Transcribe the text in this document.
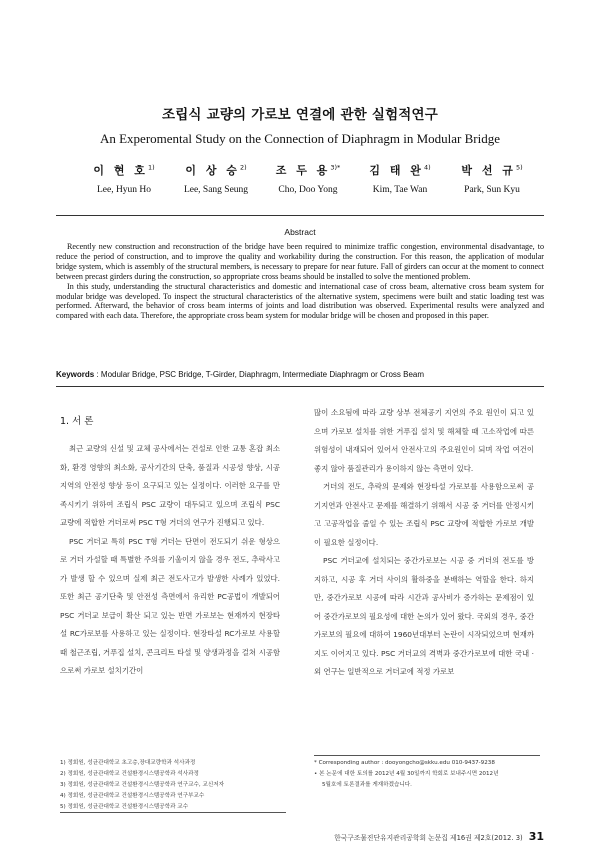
조립식 교량의 가로보 연결에 관한 실험적연구
An Experomental Study on the Connection of Diaphragm in Modular Bridge
이 현 호$^{1)}$
Lee, Hyun Ho
이 상 승$^{2)}$
Lee, Sang Seung
조 두 용$^{3)*}$
Cho, Doo Yong
김 태 완$^{4)}$
Kim, Tae Wan
박 선 규$^{5)}$
Park, Sun Kyu
Abstract

Recently new construction and reconstruction of the bridge have been required to minimize traffic congestion, environmental disadvantage, to reduce the period of construction, and to improve the quality and workability during the construction. For this reason, the application of modular bridge system, which is assembly of the structural members, is necessary to prepare for near future. Fall of girders can occur at the moment to connect between precast girders during the construction, so appropriate cross beams should be installed to solve the mentioned problem.

In this study, understanding the structural characteristics and domestic and international case of cross beam, alternative cross beam system for modular bridge was developed. To inspect the structural characteristics of the alternative system, specimens were built and static loading test was performed. Afterward, the behavior of cross beam interms of joints and load distribution was observed. Experimental results were analyzed and compared with each data. Therefore, the appropriate cross beam system for modular bridge will be chosen and proposed in this paper.

Keywords : Modular Bridge, PSC Bridge, T-Girder, Diaphragm, Intermediate Diaphragm or Cross Beam

1. 서 론

최근 교량의 신설 및 교체 공사에서는 건설로 인한 교통 혼잡 최소화, 환경 영향의 최소화, 공사기간의 단축, 품질과 시공성 향상, 시공 지역의 안전성 향상 등이 요구되고 있는 실정이다. 이러한 요구를 만족시키기 위하여 조립식 PSC 교량이 대두되고 있으며 조립식 PSC 교량에 적합한 거더로써 PSC T형 거더의 연구가 진행되고 있다.

PSC 거더교 특히 PSC T형 거더는 단면이 전도되기 쉬운 형상으로 거더 가설할 때 특별한 주의를 기울이지 않을 경우 전도, 추락사고가 발생 할 수 있으며 실제 최근 전도사고가 발생한 사례가 있었다. 또한 최근 공기단축 및 안전성 측면에서 유리한 PC공법이 개발되어 PSC 거더교 보급이 확산 되고 있는 반면 가로보는 현재까지 현장타설 RC가로보를 사용하고 있는 실정이다. 현장타설 RC가로보 사용할 때 철근조립, 거푸집 설치, 콘크리트 타설 및 양생과정을 걸쳐 시공함으로써 가로보 설치기간이

많이 소요됨에 따라 교량 상부 전체공기 지연의 주요 원인이 되고 있으며 가로보 설치를 위한 거푸집 설치 및 해체할 때 고소작업에 따른 위험성이 내재되어 있어서 안전사고의 주요원인이 되며 작업 여건이 좋지 않아 품질관리가 용이하지 않는 측면이 있다.

거더의 전도, 추락의 문제와 현장타설 가로보를 사용함으로써 공기지연과 안전사고 문제를 해결하기 위해서 시공 중 거더를 안정시키고 고공작업을 줄일 수 있는 조립식 PSC 교량에 적합한 가로보 개발이 필요한 실정이다.

PSC 거더교에 설치되는 중간가로보는 시공 중 거더의 전도를 방지하고, 시공 후 거더 사이의 활하중을 분배하는 역할을 한다. 하지만, 중간가로보 시공에 따라 시간과 공사비가 증가하는 문제점이 있어 중간가로보의 필요성에 대한 논의가 있어 왔다. 국외의 경우, 중간가로보의 필요에 대하여 1960년대부터 논란이 시작되었으며 현재까지도 이어지고 있다. PSC 거더교의 격벽과 중간가로보에 대한 국내 · 외 연구는 일반적으로 거더교에 적정 가로보

1) 정회원, 성균관대학교 초고층,장대교량학과 석사과정
2) 정회원, 성균관대학교 건설환경시스템공학과 석사과정
3) 정회원, 성균관대학교 건설환경시스템공학과 연구교수, 교신저자
4) 정회원, 성균관대학교 건설환경시스템공학과 연구부교수
5) 정회원, 성균관대학교 건설환경시스템공학과 교수
* Corresponding author : dooyongcho@skku.edu 010-9437-9238
• 본 논문에 대한 토의를 2012년 4월 30일까지 학회로 보내주시면 2012년
5월호에 토론결과를 게재하겠습니다.
한국구조물진단유지관리공학회 논문집 제16권 제2호(2012. 3) 31
